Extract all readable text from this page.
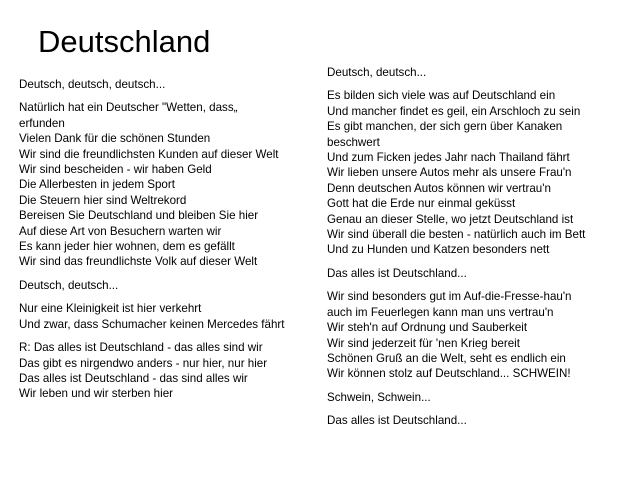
Deutschland
Deutsch, deutsch, deutsch...
Natürlich hat ein Deutscher "Wetten, dass„
erfunden
Vielen Dank für die schönen Stunden
Wir sind die freundlichsten Kunden auf dieser Welt
Wir sind bescheiden - wir haben Geld
Die Allerbesten in jedem Sport
Die Steuern hier sind Weltrekord
Bereisen Sie Deutschland und bleiben Sie hier
Auf diese Art von Besuchern warten wir
Es kann jeder hier wohnen, dem es gefällt
Wir sind das freundlichste Volk auf dieser Welt
Deutsch, deutsch...
Nur eine Kleinigkeit ist hier verkehrt
Und zwar, dass Schumacher keinen Mercedes fährt
R: Das alles ist Deutschland - das alles sind wir
Das gibt es nirgendwo anders - nur hier, nur hier
Das alles ist Deutschland - das sind alles wir
Wir leben und wir sterben hier
Deutsch, deutsch...
Es bilden sich viele was auf Deutschland ein
Und mancher findet es geil, ein Arschloch zu sein
Es gibt manchen, der sich gern über Kanaken
beschwert
Und zum Ficken jedes Jahr nach Thailand fährt
Wir lieben unsere Autos mehr als unsere Frau'n
Denn deutschen Autos können wir vertrau'n
Gott hat die Erde nur einmal geküsst
Genau an dieser Stelle, wo jetzt Deutschland ist
Wir sind überall die besten - natürlich auch im Bett
Und zu Hunden und Katzen besonders nett
Das alles ist Deutschland...
Wir sind besonders gut im Auf-die-Fresse-hau'n
auch im Feuerlegen kann man uns vertrau'n
Wir steh'n auf Ordnung und Sauberkeit
Wir sind jederzeit für 'nen Krieg bereit
Schönen Gruß an die Welt, seht es endlich ein
Wir können stolz auf Deutschland... SCHWEIN!
Schwein, Schwein...
Das alles ist Deutschland...
